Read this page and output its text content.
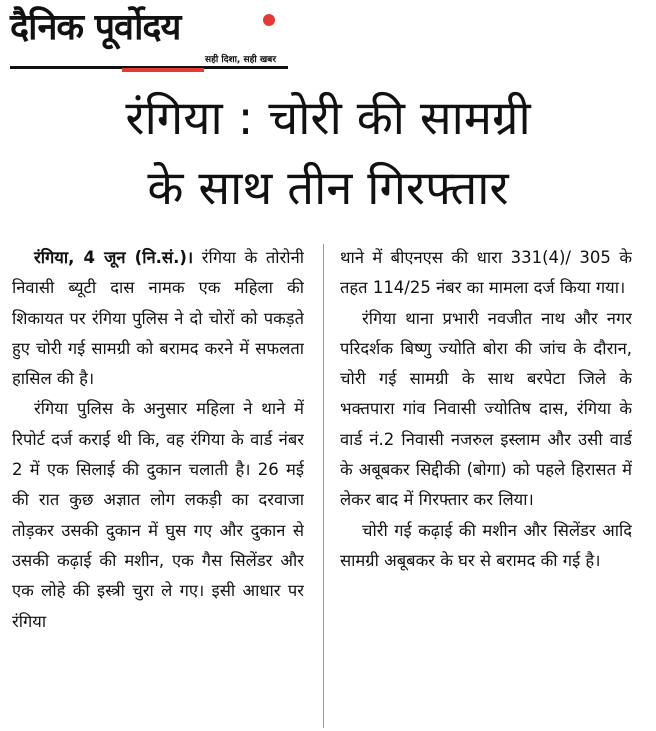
दैनिक पूर्वोदय
सही दिशा, सही खबर
रंगिया : चोरी की सामग्री
के साथ तीन गिरफ्तार

रंगिया, 4 जून (नि.सं.)। रंगिया के तोरोनी निवासी ब्यूटी दास नामक एक महिला की शिकायत पर रंगिया पुलिस ने दो चोरों को पकड़ते हुए चोरी गई सामग्री को बरामद करने में सफलता हासिल की है।

रंगिया पुलिस के अनुसार महिला ने थाने में रिपोर्ट दर्ज कराई थी कि, वह रंगिया के वार्ड नंबर 2 में एक सिलाई की दुकान चलाती है। 26 मई की रात कुछ अज्ञात लोग लकड़ी का दरवाजा तोड़कर उसकी दुकान में घुस गए और दुकान से उसकी कढ़ाई की मशीन, एक गैस सिलेंडर और एक लोहे की इस्त्री चुरा ले गए। इसी आधार पर रंगिया

थाने में बीएनएस की धारा 331(4)/ 305 के तहत 114/25 नंबर का मामला दर्ज किया गया।

रंगिया थाना प्रभारी नवजीत नाथ और नगर परिदर्शक बिष्णु ज्योति बोरा की जांच के दौरान, चोरी गई सामग्री के साथ बरपेटा जिले के भक्तपारा गांव निवासी ज्योतिष दास, रंगिया के वार्ड नं.2 निवासी नजरुल इस्लाम और उसी वार्ड के अबूबकर सिद्दीकी (बोगा) को पहले हिरासत में लेकर बाद में गिरफ्तार कर लिया।

चोरी गई कढ़ाई की मशीन और सिलेंडर आदि सामग्री अबूबकर के घर से बरामद की गई है।
